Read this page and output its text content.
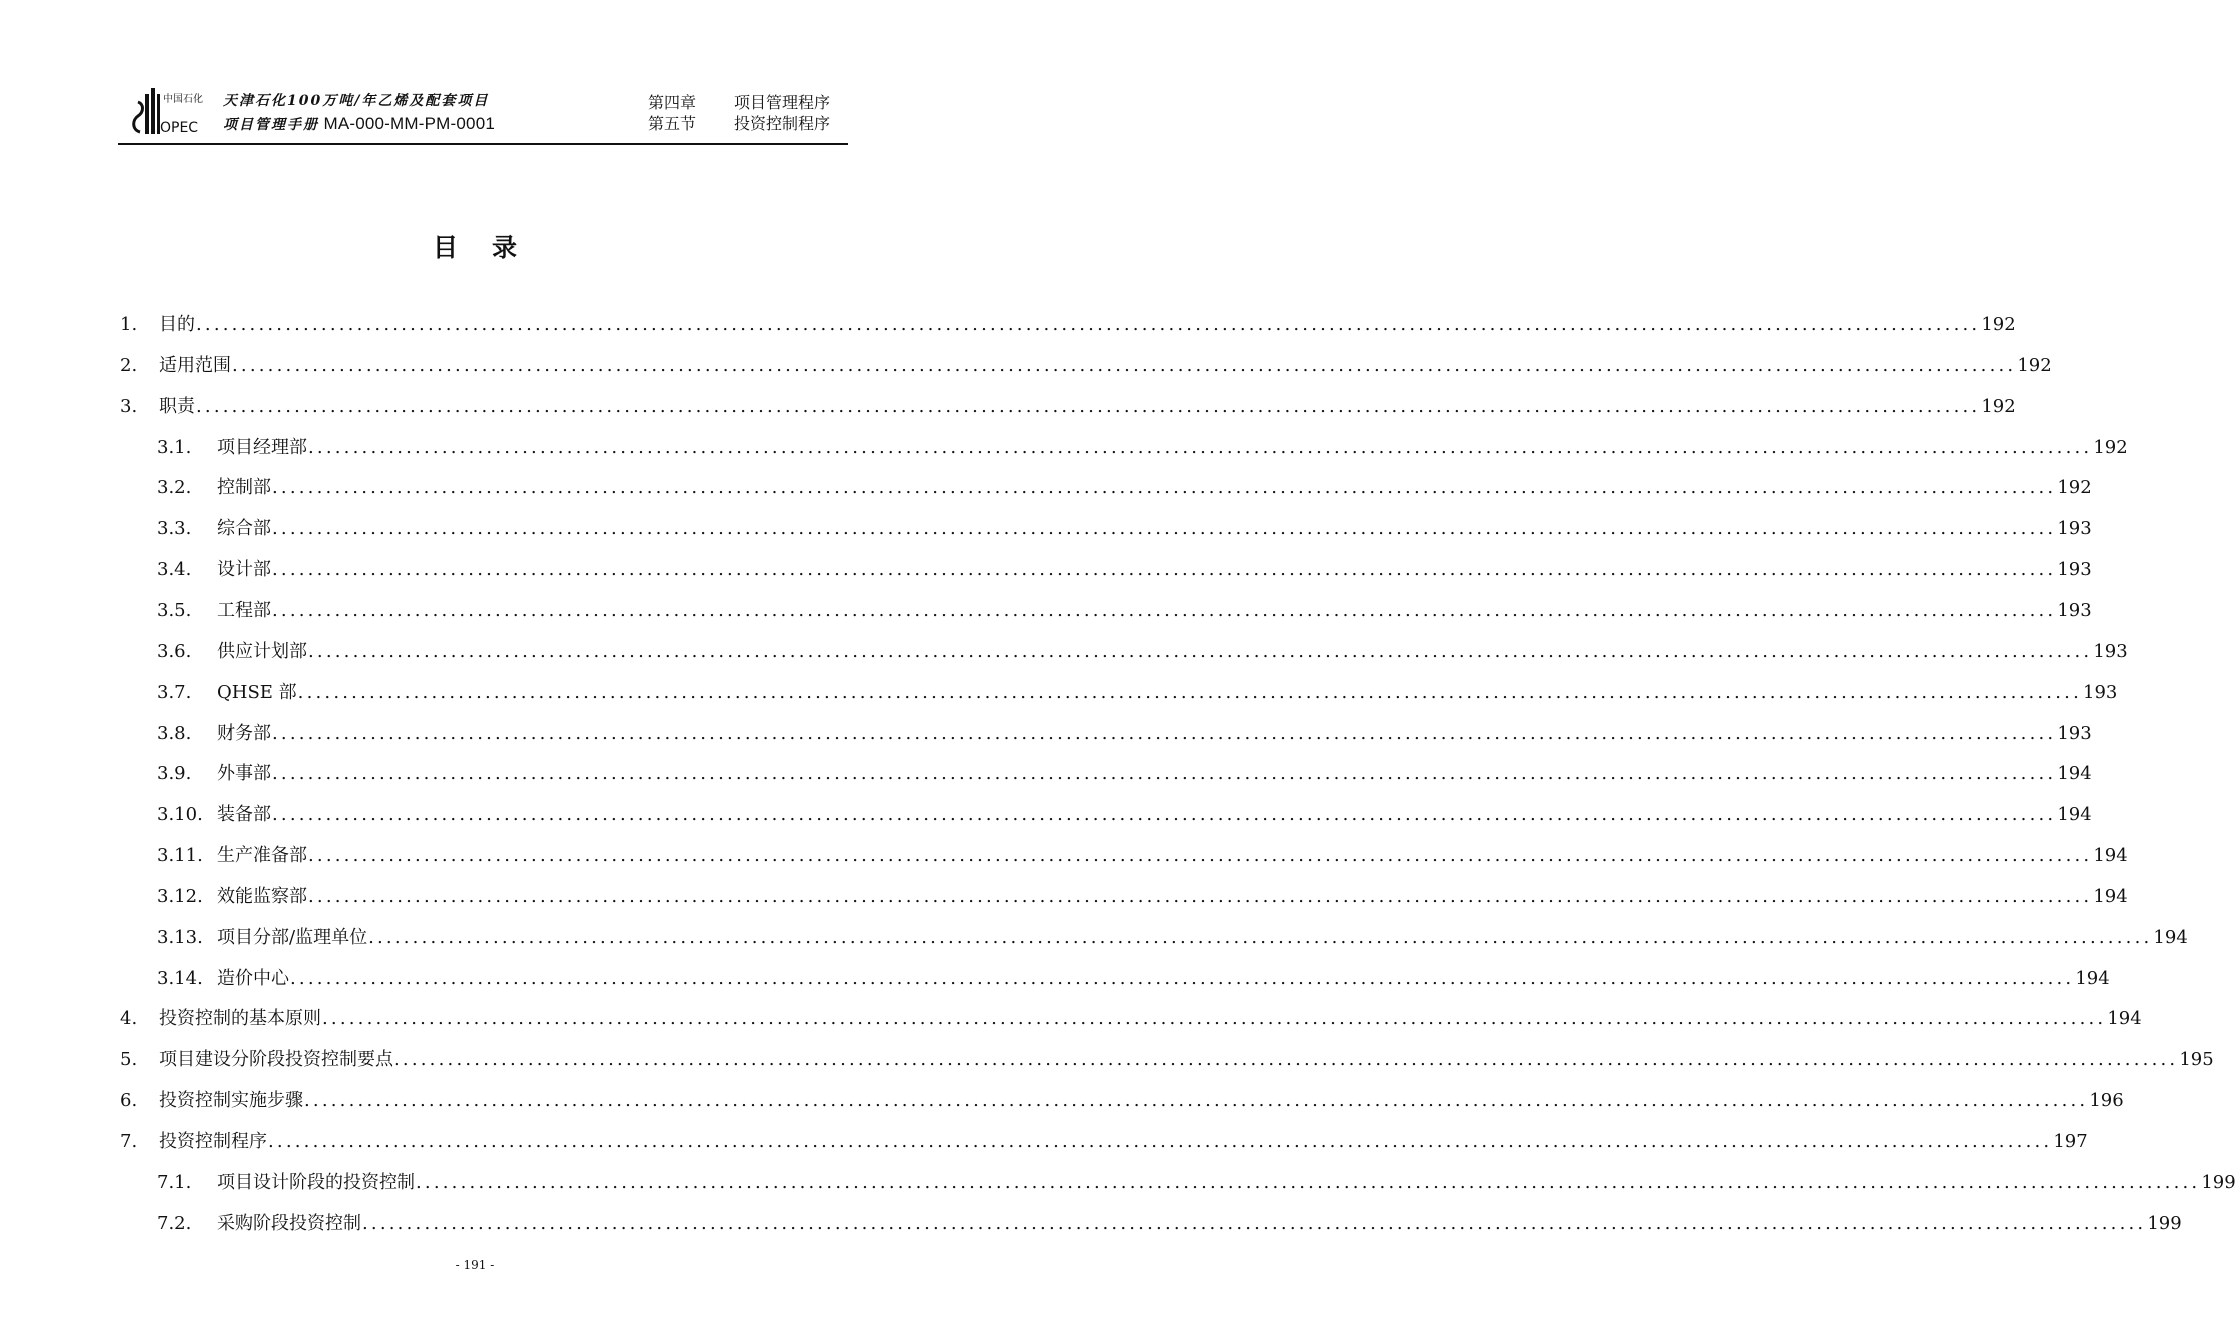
中国石化
OPEC
天津石化100万吨/年乙烯及配套项目
项目管理手册 MA-000-MM-PM-0001
第四章 项目管理程序
第五节 投资控制程序
目录
1.	目的 ........................................................................................................................................................................................................ 192
2.	适用范围 ........................................................................................................................................................................................................ 192
3.	职责 ........................................................................................................................................................................................................ 192
3.1.	项目经理部 ........................................................................................................................................................................................................ 192
3.2.	控制部 ........................................................................................................................................................................................................ 192
3.3.	综合部 ........................................................................................................................................................................................................ 193
3.4.	设计部 ........................................................................................................................................................................................................ 193
3.5.	工程部 ........................................................................................................................................................................................................ 193
3.6.	供应计划部 ........................................................................................................................................................................................................ 193
3.7.	QHSE 部 ........................................................................................................................................................................................................ 193
3.8.	财务部 ........................................................................................................................................................................................................ 193
3.9.	外事部 ........................................................................................................................................................................................................ 194
3.10. 装备部 ........................................................................................................................................................................................................ 194
3.11. 生产准备部 ........................................................................................................................................................................................................ 194
3.12. 效能监察部 ........................................................................................................................................................................................................ 194
3.13. 项目分部/监理单位 ........................................................................................................................................................................................................ 194
3.14. 造价中心 ........................................................................................................................................................................................................ 194
4.	投资控制的基本原则 ........................................................................................................................................................................................................ 194
5.	项目建设分阶段投资控制要点 ........................................................................................................................................................................................................ 195
6.	投资控制实施步骤 ........................................................................................................................................................................................................ 196
7.	投资控制程序 ........................................................................................................................................................................................................ 197
7.1.	项目设计阶段的投资控制 ........................................................................................................................................................................................................ 199
7.2.	采购阶段投资控制 ........................................................................................................................................................................................................ 199
- 191 -
